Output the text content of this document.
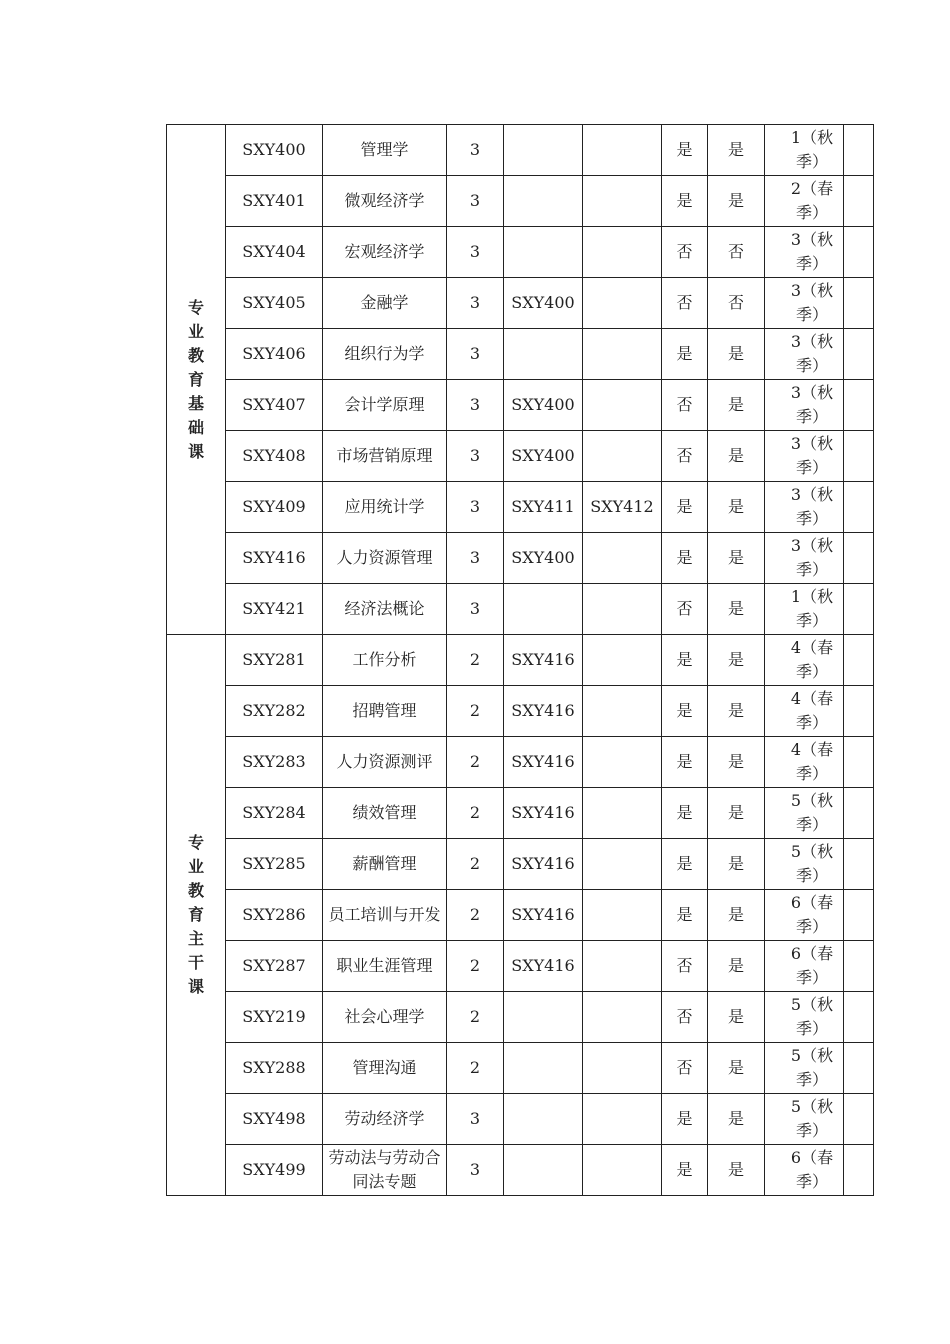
专业教育基础课	SXY400	管理学	3			是	是	1（秋季）	
	SXY401	微观经济学	3			是	是	2（春季）	
	SXY404	宏观经济学	3			否	否	3（秋季）	
	SXY405	金融学	3	SXY400		否	否	3（秋季）	
	SXY406	组织行为学	3			是	是	3（秋季）	
	SXY407	会计学原理	3	SXY400		否	是	3（秋季）	
	SXY408	市场营销原理	3	SXY400		否	是	3（秋季）	
	SXY409	应用统计学	3	SXY411	SXY412	是	是	3（秋季）	
	SXY416	人力资源管理	3	SXY400		是	是	3（秋季）	
	SXY421	经济法概论	3			否	是	1（秋季）	
专业教育主干课	SXY281	工作分析	2	SXY416		是	是	4（春季）	
	SXY282	招聘管理	2	SXY416		是	是	4（春季）	
	SXY283	人力资源测评	2	SXY416		是	是	4（春季）	
	SXY284	绩效管理	2	SXY416		是	是	5（秋季）	
	SXY285	薪酬管理	2	SXY416		是	是	5（秋季）	
	SXY286	员工培训与开发	2	SXY416		是	是	6（春季）	
	SXY287	职业生涯管理	2	SXY416		否	是	6（春季）	
	SXY219	社会心理学	2			否	是	5（秋季）	
	SXY288	管理沟通	2			否	是	5（秋季）	
	SXY498	劳动经济学	3			是	是	5（秋季）	
	SXY499	劳动法与劳动合同法专题	3			是	是	6（春季）	
